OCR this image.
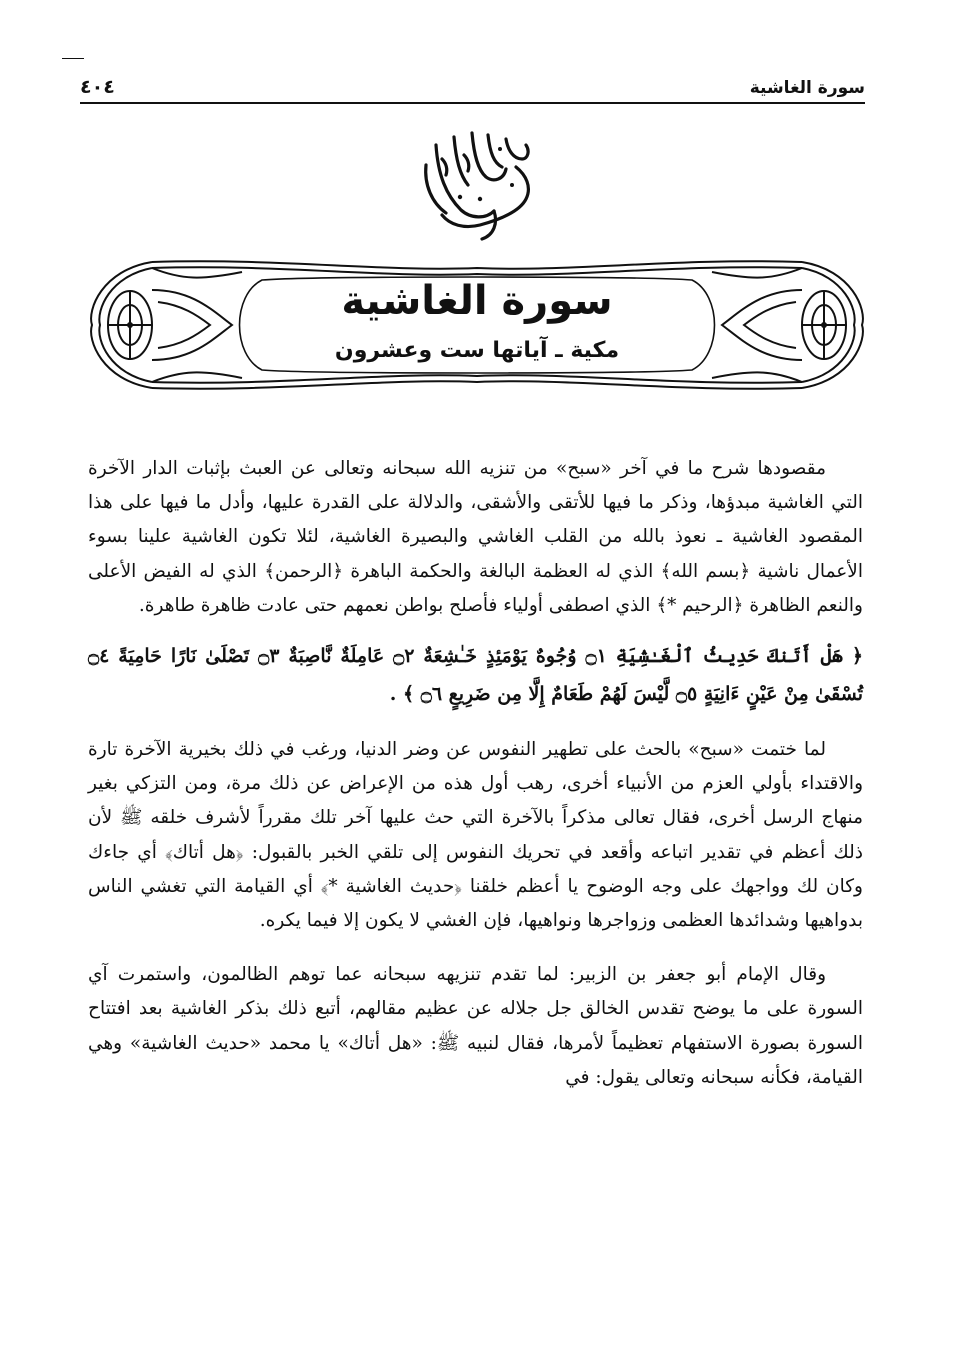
سورة الغاشية
٤٠٤
سورة الغاشية
مكية ـ آياتها ست وعشرون

مقصودها شرح ما في آخر «سبح» من تنزيه الله سبحانه وتعالى عن العبث بإثبات الدار الآخرة التي الغاشية مبدؤها، وذكر ما فيها للأتقى والأشقى، والدلالة على القدرة عليها، وأدل ما فيها على هذا المقصود الغاشية ـ نعوذ بالله من القلب الغاشي والبصيرة الغاشية، لئلا تكون الغاشية علينا بسوء الأعمال ناشية ﴿بسم الله﴾ الذي له العظمة البالغة والحكمة الباهرة ﴿الرحمن﴾ الذي له الفيض الأعلى والنعم الظاهرة ﴿الرحيم *﴾ الذي اصطفى أولياء فأصلح بواطن نعمهم حتى عادت ظاهرة طاهرة.

﴿ هَلْ أَتَنكَ حَدِيثُ ٱلْغَـٰشِيَةِ ۝١ وُجُوهٌ يَوْمَئِذٍ خَـٰشِعَةٌ ۝٢ عَامِلَةٌ نَّاصِبَةٌ ۝٣ تَصْلَىٰ نَارًا حَامِيَةً ۝٤ تُسْقَىٰ مِنْ عَيْنٍ ءَانِيَةٍ ۝٥ لَّيْسَ لَهُمْ طَعَامٌ إِلَّا مِن ضَرِيعٍ ۝٦ ﴾ .

لما ختمت «سبح» بالحث على تطهير النفوس عن وضر الدنيا، ورغب في ذلك بخيرية الآخرة تارة والاقتداء بأولي العزم من الأنبياء أخرى، رهب أول هذه من الإعراض عن ذلك مرة، ومن التزكي بغير منهاج الرسل أخرى، فقال تعالى مذكراً بالآخرة التي حث عليها آخر تلك مقرراً لأشرف خلقه ﷺ لأن ذلك أعظم في تقدير اتباعه وأقعد في تحريك النفوس إلى تلقي الخبر بالقبول: ﴿هل أتاك﴾ أي جاءك وكان لك وواجهك على وجه الوضوح يا أعظم خلقنا ﴿حديث الغاشية *﴾ أي القيامة التي تغشي الناس بدواهيها وشدائدها العظمى وزواجرها ونواهيها، فإن الغشي لا يكون إلا فيما يكره.

وقال الإمام أبو جعفر بن الزبير: لما تقدم تنزيهه سبحانه عما توهم الظالمون، واستمرت آي السورة على ما يوضح تقدس الخالق جل جلاله عن عظيم مقالهم، أتبع ذلك بذكر الغاشية بعد افتتاح السورة بصورة الاستفهام تعظيماً لأمرها، فقال لنبيه ﷺ: «هل أتاك» يا محمد «حديث الغاشية» وهي القيامة، فكأنه سبحانه وتعالى يقول: في
